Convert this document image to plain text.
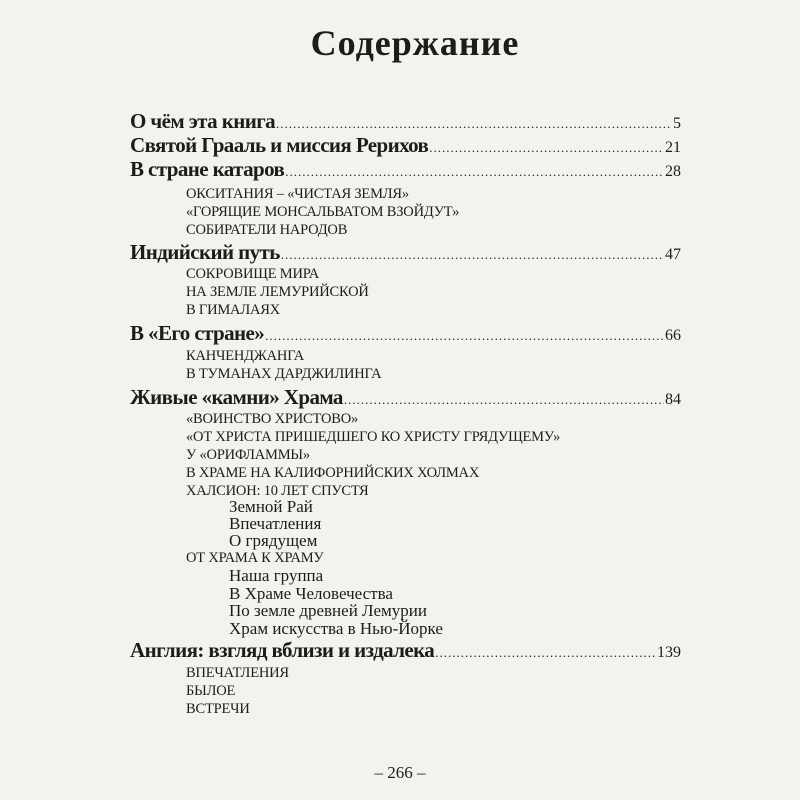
Содержание
О чём эта книга .....	5
Святой Грааль и миссия Рерихов .....	21
В стране катаров .....	28
ОКСИТАНИЯ – «ЧИСТАЯ ЗЕМЛЯ»
«ГОРЯЩИЕ МОНСАЛЬВАТОМ ВЗОЙДУТ»
СОБИРАТЕЛИ НАРОДОВ
Индийский путь .....	47
СОКРОВИЩЕ МИРА
НА ЗЕМЛЕ ЛЕМУРИЙСКОЙ
В ГИМАЛАЯХ
В «Его стране» .....	66
КАНЧЕНДЖАНГА
В ТУМАНАХ ДАРДЖИЛИНГА
Живые «камни» Храма .....	84
«ВОИНСТВО ХРИСТОВО»
«ОТ ХРИСТА ПРИШЕДШЕГО КО ХРИСТУ ГРЯДУЩЕМУ»
У «ОРИФЛАММЫ»
В ХРАМЕ НА КАЛИФОРНИЙСКИХ ХОЛМАХ
ХАЛСИОН: 10 ЛЕТ СПУСТЯ
Земной Рай
Впечатления
О грядущем
ОТ ХРАМА К ХРАМУ
Наша группа
В Храме Человечества
По земле древней Лемурии
Храм искусства в Нью-Йорке
Англия: взгляд вблизи и издалека .....	139
ВПЕЧАТЛЕНИЯ
БЫЛОЕ
ВСТРЕЧИ
– 266 –
